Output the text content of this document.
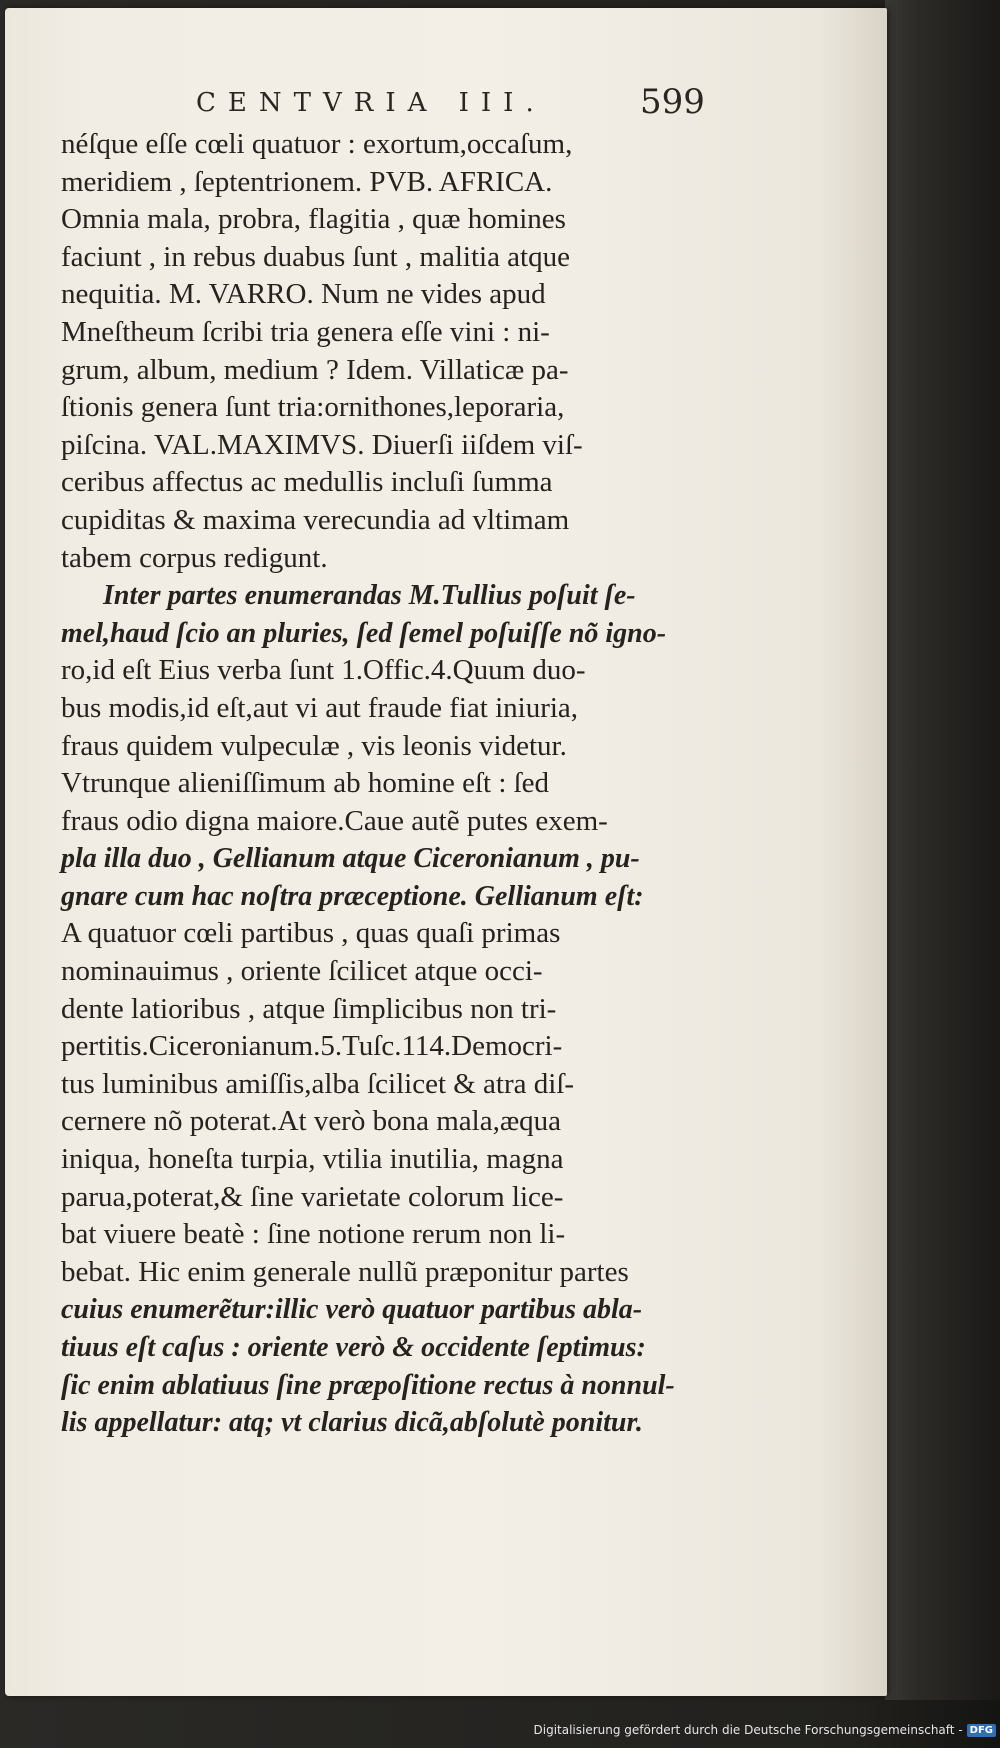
CENTVRIA III.	599
néſque eſſe cœli quatuor : exortum,occaſum,
meridiem , ſeptentrionem. PVB. AFRICA.
Omnia mala, probra, flagitia , quæ homines
faciunt , in rebus duabus ſunt , malitia atque
nequitia. M. VARRO. Num ne vides apud
Mneſtheum ſcribi tria genera eſſe vini : ni-
grum, album, medium ? Idem. Villaticæ pa-
ſtionis genera ſunt tria:ornithones,leporaria,
piſcina. VAL.MAXIMVS. Diuerſi iiſdem viſ-
ceribus affectus ac medullis incluſi ſumma
cupiditas & maxima verecundia ad vltimam
tabem corpus redigunt.
Inter partes enumerandas M.Tullius poſuit ſe-
mel,haud ſcio an pluries, ſed ſemel poſuiſſe nõ igno-
ro,id eſt Eius verba ſunt 1.Offic.4.Quum duo-
bus modis,id eſt,aut vi aut fraude fiat iniuria,
fraus quidem vulpeculæ , vis leonis videtur.
Vtrunque alieniſſimum ab homine eſt : ſed
fraus odio digna maiore.Caue autẽ putes exem-
pla illa duo , Gellianum atque Ciceronianum , pu-
gnare cum hac noſtra præceptione. Gellianum eſt:
A quatuor cœli partibus , quas quaſi primas
nominauimus , oriente ſcilicet atque occi-
dente latioribus , atque ſimplicibus non tri-
pertitis.Ciceronianum.5.Tuſc.114.Democri-
tus luminibus amiſſis,alba ſcilicet & atra diſ-
cernere nõ poterat.At verò bona mala,æqua
iniqua, honeſta turpia, vtilia inutilia, magna
parua,poterat,& ſine varietate colorum lice-
bat viuere beatè : ſine notione rerum non li-
bebat. Hic enim generale nullũ præponitur partes
cuius enumerẽtur:illic verò quatuor partibus abla-
tiuus eſt caſus : oriente verò & occidente ſeptimus:
ſic enim ablatiuus ſine præpoſitione rectus à nonnul-
lis appellatur: atq; vt clarius dicã,abſolutè ponitur.
Digitalisierung gefördert durch die Deutsche Forschungsgemeinschaft - DFG
